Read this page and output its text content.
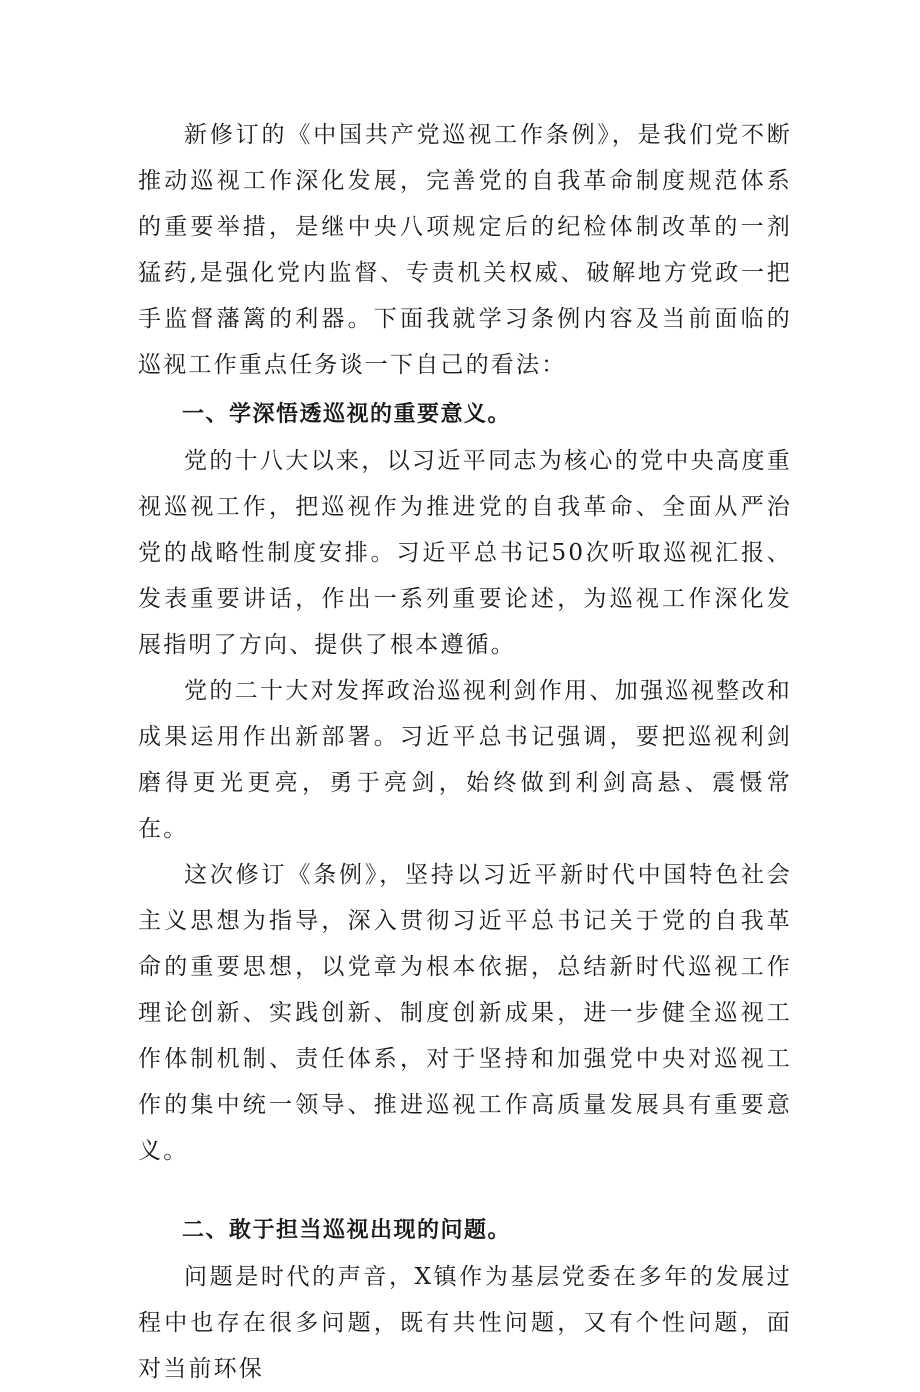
新修订的《中国共产党巡视工作条例》，是我们党不断推动巡视工作深化发展，完善党的自我革命制度规范体系的重要举措，是继中央八项规定后的纪检体制改革的一剂猛药,是强化党内监督、专责机关权威、破解地方党政一把手监督藩篱的利器。下面我就学习条例内容及当前面临的巡视工作重点任务谈一下自己的看法：

一、学深悟透巡视的重要意义。

党的十八大以来，以习近平同志为核心的党中央高度重视巡视工作，把巡视作为推进党的自我革命、全面从严治党的战略性制度安排。习近平总书记50次听取巡视汇报、发表重要讲话，作出一系列重要论述，为巡视工作深化发展指明了方向、提供了根本遵循。

党的二十大对发挥政治巡视利剑作用、加强巡视整改和成果运用作出新部署。习近平总书记强调，要把巡视利剑磨得更光更亮，勇于亮剑，始终做到利剑高悬、震慑常在。

这次修订《条例》，坚持以习近平新时代中国特色社会主义思想为指导，深入贯彻习近平总书记关于党的自我革命的重要思想，以党章为根本依据，总结新时代巡视工作理论创新、实践创新、制度创新成果，进一步健全巡视工作体制机制、责任体系，对于坚持和加强党中央对巡视工作的集中统一领导、推进巡视工作高质量发展具有重要意义。

二、敢于担当巡视出现的问题。

问题是时代的声音，X镇作为基层党委在多年的发展过程中也存在很多问题，既有共性问题，又有个性问题，面对当前环保
